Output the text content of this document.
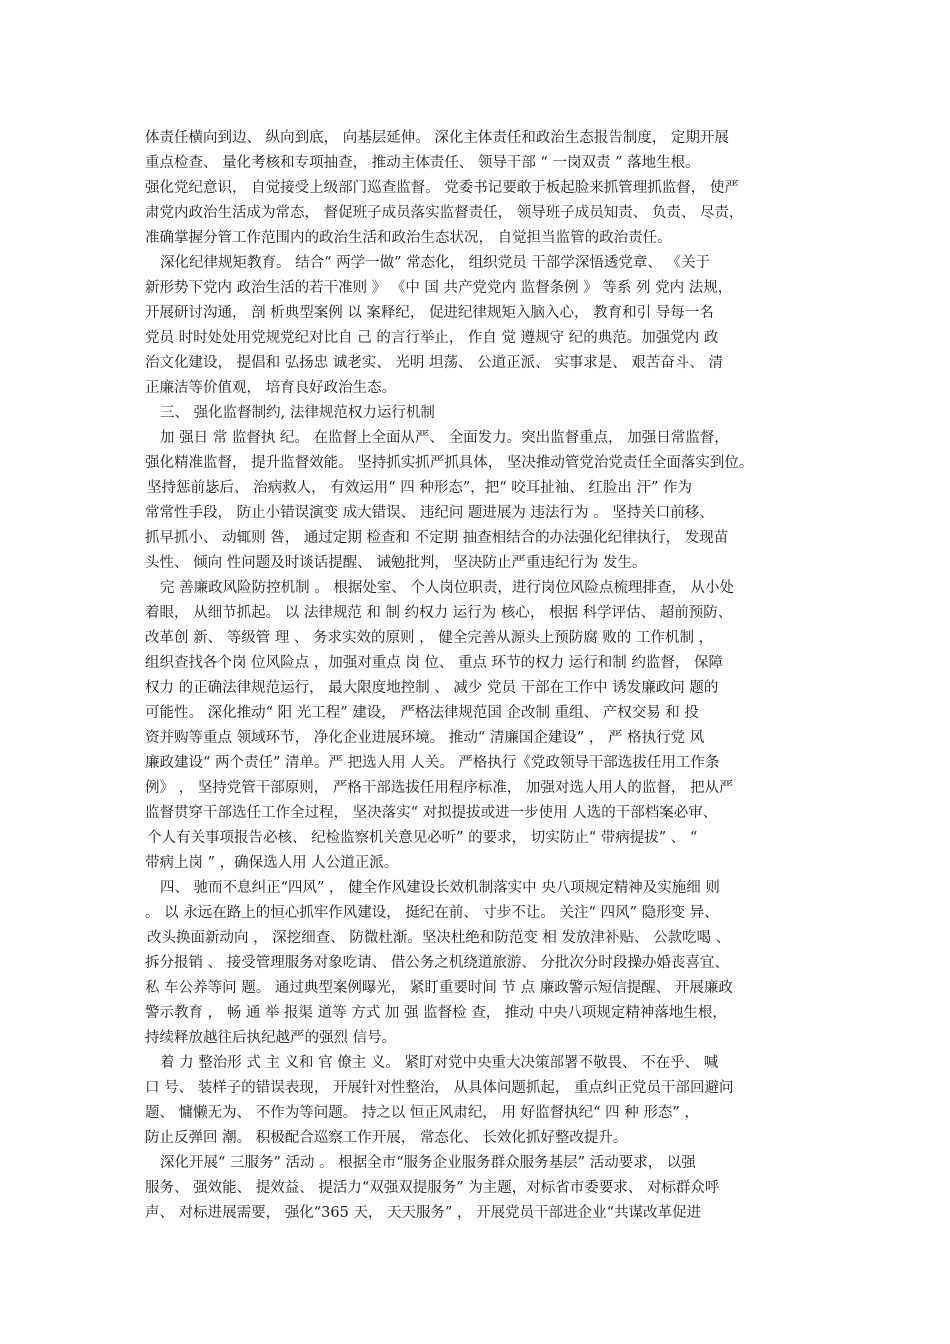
体责任横向到边、 纵向到底， 向基层延伸。 深化主体责任和政治生态报告制度， 定期开展
重点检查、 量化考核和专项抽查， 推动主体责任、 领导干部 “ 一岗双责 ” 落地生根。
强化党纪意识， 自觉接受上级部门巡查监督。 党委书记要敢于板起脸来抓管理抓监督， 使严
肃党内政治生活成为常态， 督促班子成员落实监督责任， 领导班子成员知责、 负责、 尽责，
准确掌握分管工作范围内的政治生活和政治生态状况， 自觉担当监管的政治责任。
深化纪律规矩教育。 结合“ 两学一做” 常态化， 组织党员 干部学深悟透党章、 《关于
新形势下党内 政治生活的若干准则 》 《中 国 共产党党内 监督条例 》 等系 列 党内 法规，
开展研讨沟通， 剖 析典型案例 以 案释纪， 促进纪律规矩入脑入心， 教育和引 导每一名
党员 时时处处用党规党纪对比自 己 的言行举止， 作自 觉 遵规守 纪的典范。加强党内 政
治文化建设， 提倡和 弘扬忠 诚老实、 光明 坦荡、 公道正派、 实事求是、 艰苦奋斗、 清
正廉洁等价值观， 培育良好政治生态。
三、 强化监督制约, 法律规范权力运行机制
加 强日 常 监督执 纪。 在监督上全面从严、 全面发力。突出监督重点， 加强日常监督，
强化精准监督， 提升监督效能。 坚持抓实抓严抓具体， 坚决推动管党治党责任全面落实到位。
坚持惩前毖后、 治病救人， 有效运用“ 四 种形态”，把“ 咬耳扯袖、 红脸出 汗” 作为
常常性手段， 防止小错误演变 成大错误、 违纪问 题进展为 违法行为 。 坚持关口前移、
抓早抓小、 动辄则 咎， 通过定期 检查和 不定期 抽查相结合的办法强化纪律执行， 发现苗
头性、 倾向 性问题及时谈话提醒、 诫勉批判， 坚决防止严重违纪行为 发生。
完 善廉政风险防控机制 。 根据处室、 个人岗位职责，进行岗位风险点梳理排查， 从小处
着眼， 从细节抓起。 以 法律规范 和 制 约权力 运行为 核心， 根据 科学评估、 超前预防、
改革创 新、 等级管 理 、 务求实效的原则 ， 健全完善从源头上预防腐 败的 工作机制 ，
组织查找各个岗 位风险点 ，加强对重点 岗 位、 重点 环节的权力 运行和制 约监督， 保障
权力 的正确法律规范运行， 最大限度地控制 、 减少 党员 干部在工作中 诱发廉政问 题的
可能性。 深化推动“ 阳 光工程” 建设， 严格法律规范国 企改制 重组、 产权交易 和 投
资并购等重点 领域环节， 净化企业进展环境。 推动“ 清廉国企建设” ， 严 格执行党 风
廉政建设“ 两个责任” 清单。严 把选人用 人关。 严格执行《党政领导干部选拔任用工作条
例》 ， 坚持党管干部原则， 严格干部选拔任用程序标准， 加强对选人用人的监督， 把从严
监督贯穿干部选任工作全过程， 坚决落实“ 对拟提拔或进一步使用 人选的干部档案必审、
个人有关事项报告必核、 纪检监察机关意见必听” 的要求， 切实防止“ 带病提拔” 、 “
带病上岗 ” ，确保选人用 人公道正派。
四、 驰而不息纠正“四风” ， 健全作风建设长效机制落实中 央八项规定精神及实施细 则
。 以 永远在路上的恒心抓牢作风建设， 挺纪在前、 寸步不让。 关注“ 四风” 隐形变 异、
改头换面新动向 ， 深挖细查、 防微杜渐。坚决杜绝和防范变 相 发放津补贴、 公款吃喝 、
拆分报销 、 接受管理服务对象吃请、 借公务之机绕道旅游、 分批次分时段操办婚丧喜宜、
私 车公养等问 题。 通过典型案例曝光， 紧盯重要时间 节 点 廉政警示短信提醒、 开展廉政
警示教育 ， 畅 通 举 报渠 道等 方式 加 强 监督检 查， 推动 中央八项规定精神落地生根，
持续释放越往后执纪越严的强烈 信号。
着 力 整治形 式 主 义和 官 僚主 义。 紧盯对党中央重大决策部署不敬畏、 不在乎、 喊
口 号、 装样子的错误表现， 开展针对性整治， 从具体问题抓起， 重点纠正党员干部回避问
题、 慵懒无为、 不作为等问题。 持之以 恒正风肃纪， 用 好监督执纪“ 四 种 形态” ，
防止反弹回 潮。 积极配合巡察工作开展， 常态化、 长效化抓好整改提升。
深化开展“ 三服务” 活动 。 根据全市“服务企业服务群众服务基层” 活动要求， 以强
服务、 强效能、 提效益、 提活力“双强双提服务” 为主题，对标省市委要求、 对标群众呼
声、 对标进展需要， 强化“365 天， 天天服务” ， 开展党员干部进企业“共谋改革促进
